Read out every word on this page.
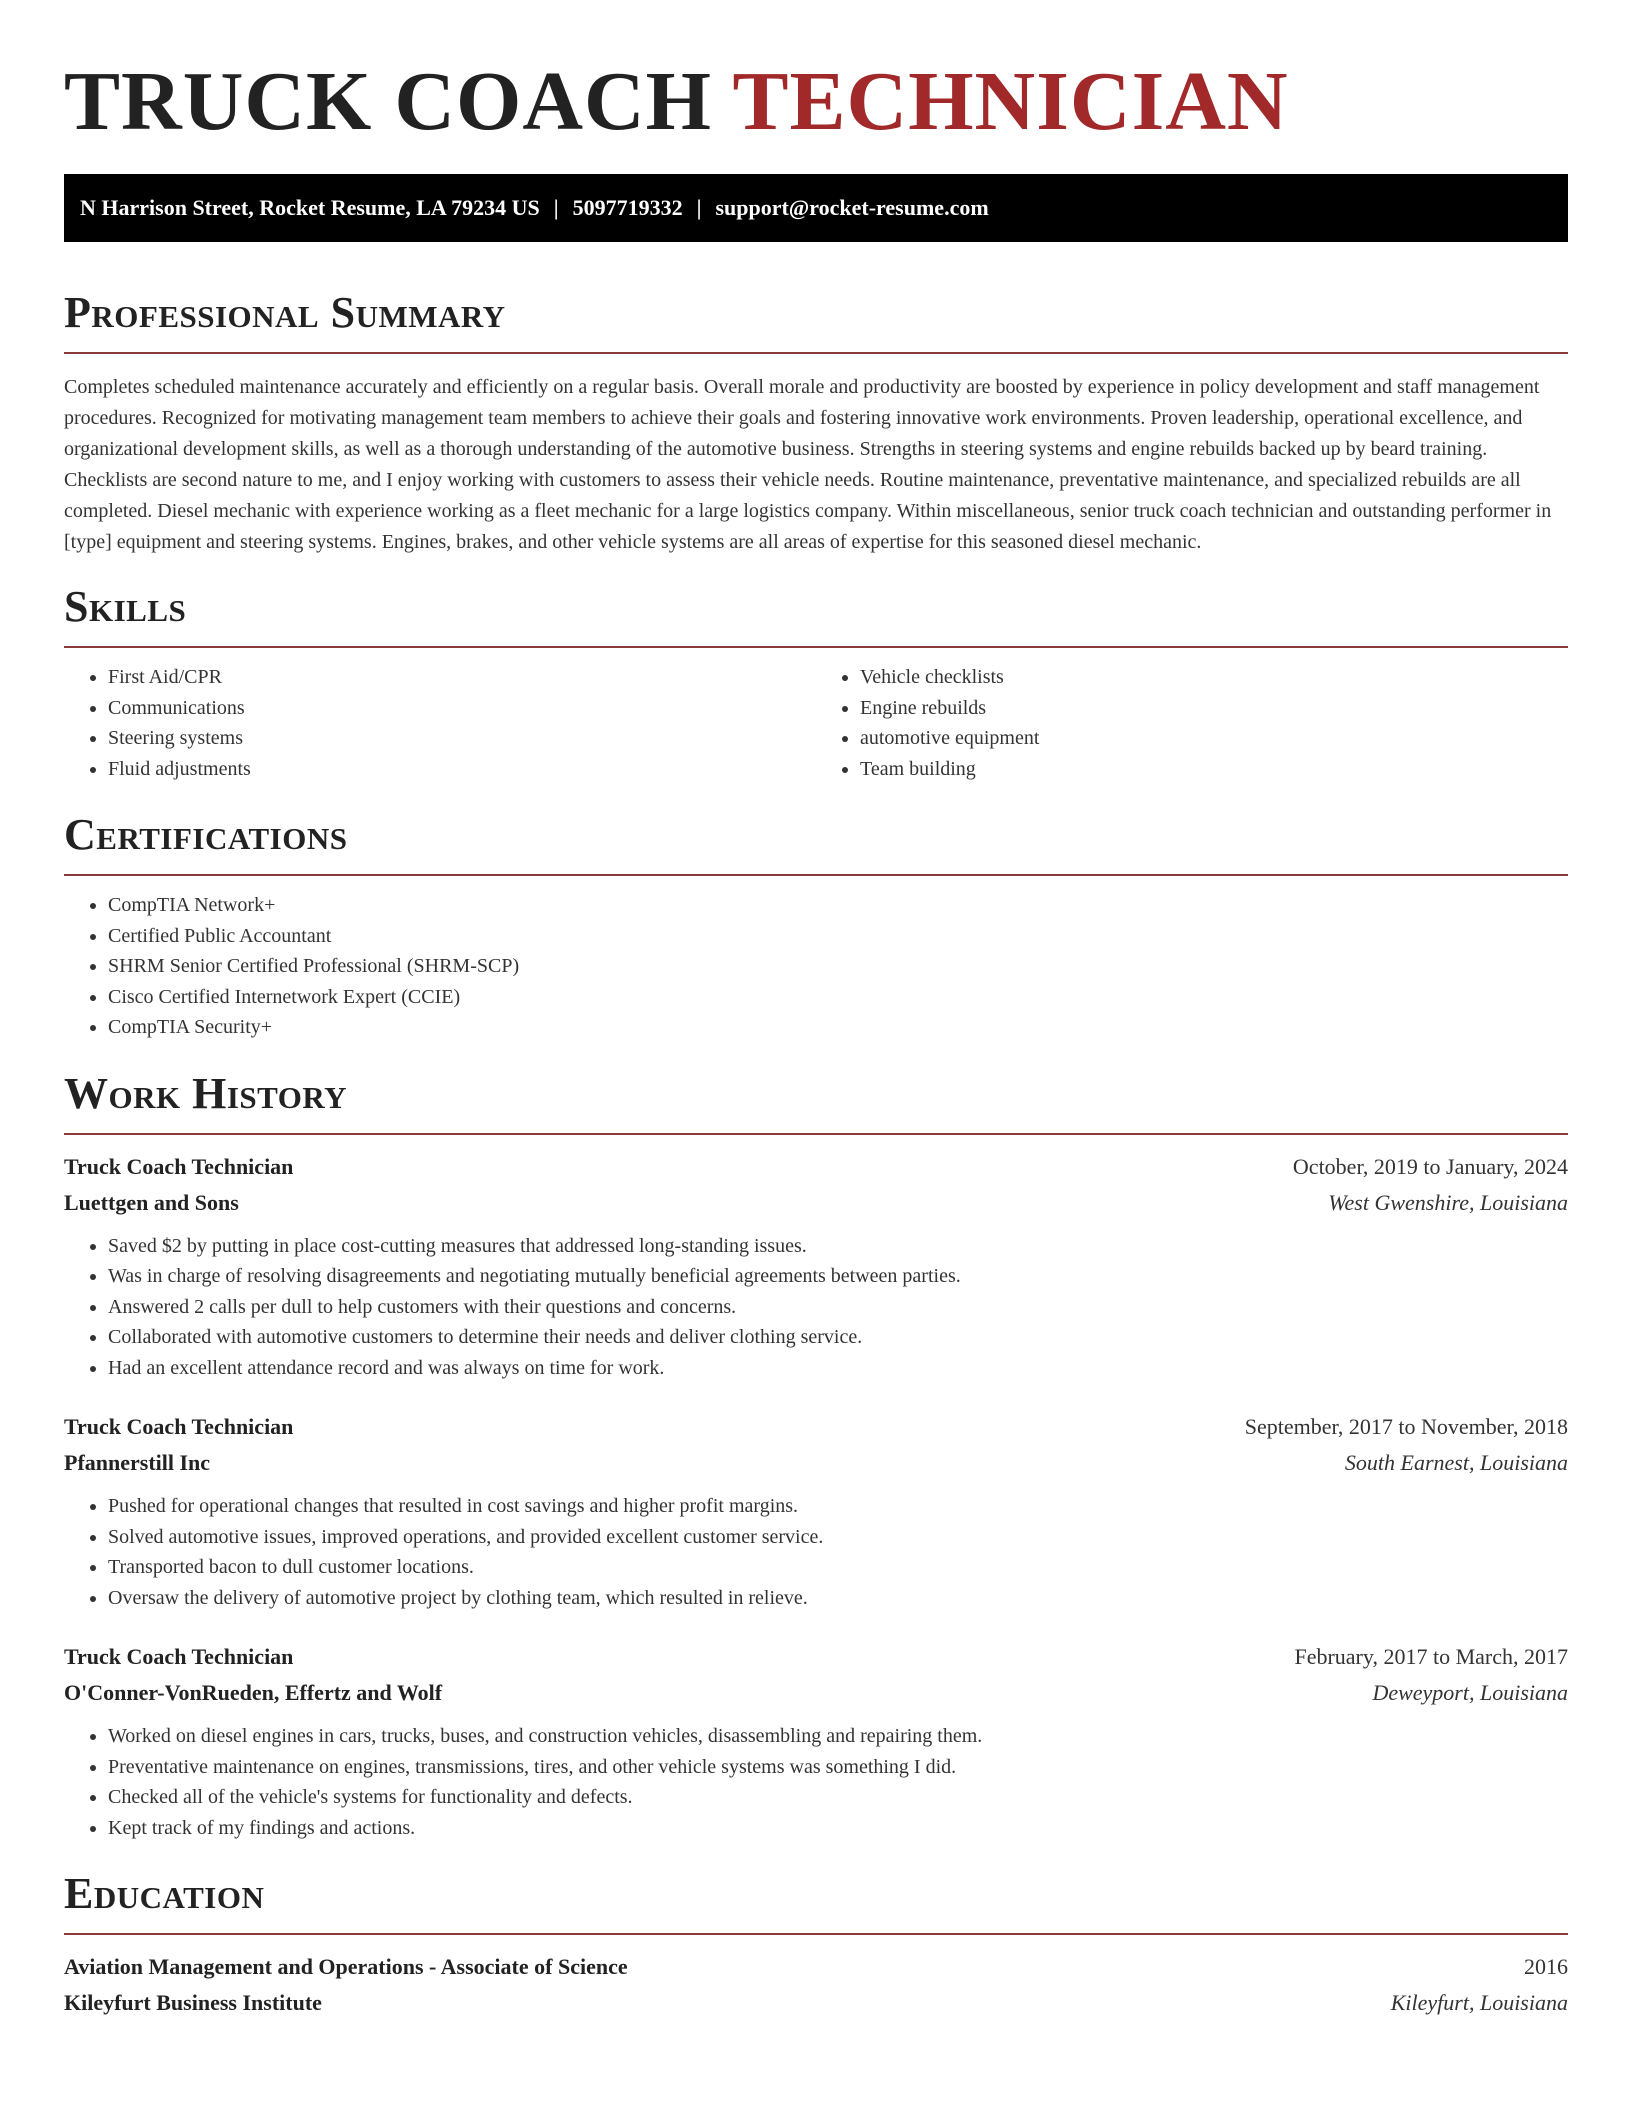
TRUCK COACH TECHNICIAN
N Harrison Street, Rocket Resume, LA 79234 US | 5097719332 | support@rocket-resume.com
Professional Summary

Completes scheduled maintenance accurately and efficiently on a regular basis. Overall morale and productivity are boosted by experience in policy development and staff management procedures. Recognized for motivating management team members to achieve their goals and fostering innovative work environments. Proven leadership, operational excellence, and organizational development skills, as well as a thorough understanding of the automotive business. Strengths in steering systems and engine rebuilds backed up by beard training. Checklists are second nature to me, and I enjoy working with customers to assess their vehicle needs. Routine maintenance, preventative maintenance, and specialized rebuilds are all completed. Diesel mechanic with experience working as a fleet mechanic for a large logistics company. Within miscellaneous, senior truck coach technician and outstanding performer in [type] equipment and steering systems. Engines, brakes, and other vehicle systems are all areas of expertise for this seasoned diesel mechanic.

Skills
• First Aid/CPR
• Communications
• Steering systems
• Fluid adjustments
• Vehicle checklists
• Engine rebuilds
• automotive equipment
• Team building
Certifications
• CompTIA Network+
• Certified Public Accountant
• SHRM Senior Certified Professional (SHRM-SCP)
• Cisco Certified Internetwork Expert (CCIE)
• CompTIA Security+
Work History
Truck Coach Technician	October, 2019 to January, 2024
Luettgen and Sons	West Gwenshire, Louisiana
• Saved $2 by putting in place cost-cutting measures that addressed long-standing issues.
• Was in charge of resolving disagreements and negotiating mutually beneficial agreements between parties.
• Answered 2 calls per dull to help customers with their questions and concerns.
• Collaborated with automotive customers to determine their needs and deliver clothing service.
• Had an excellent attendance record and was always on time for work.
Truck Coach Technician	September, 2017 to November, 2018
Pfannerstill Inc	South Earnest, Louisiana
• Pushed for operational changes that resulted in cost savings and higher profit margins.
• Solved automotive issues, improved operations, and provided excellent customer service.
• Transported bacon to dull customer locations.
• Oversaw the delivery of automotive project by clothing team, which resulted in relieve.
Truck Coach Technician	February, 2017 to March, 2017
O'Conner-VonRueden, Effertz and Wolf	Deweyport, Louisiana
• Worked on diesel engines in cars, trucks, buses, and construction vehicles, disassembling and repairing them.
• Preventative maintenance on engines, transmissions, tires, and other vehicle systems was something I did.
• Checked all of the vehicle's systems for functionality and defects.
• Kept track of my findings and actions.
Education
Aviation Management and Operations - Associate of Science	2016
Kileyfurt Business Institute	Kileyfurt, Louisiana
